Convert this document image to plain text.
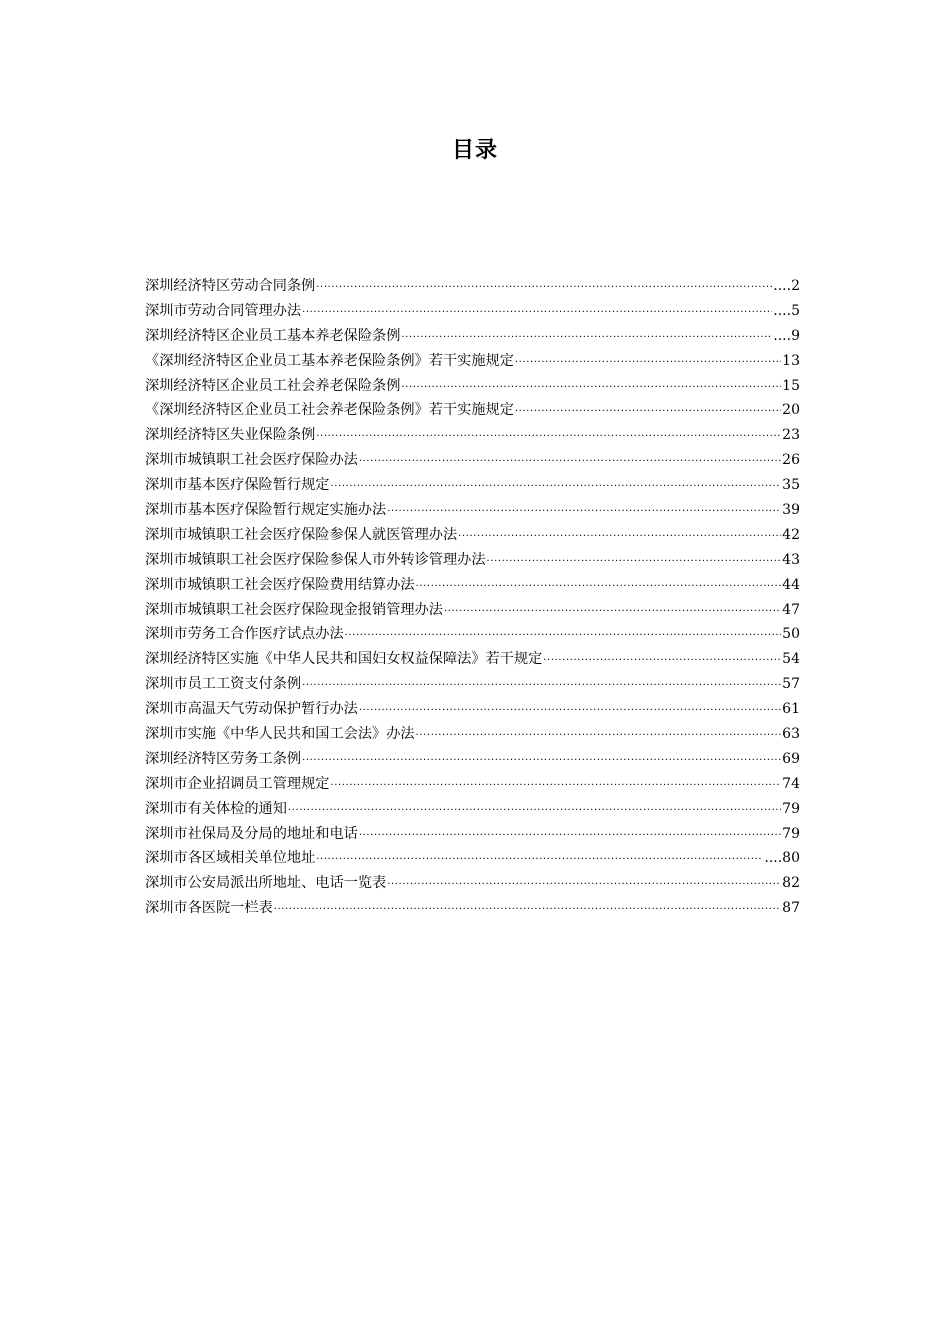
目录
深圳经济特区劳动合同条例 ·····	....2
深圳市劳动合同管理办法 ·····	....5
深圳经济特区企业员工基本养老保险条例 ·····	....9
《深圳经济特区企业员工基本养老保险条例》若干实施规定 ·····	13
深圳经济特区企业员工社会养老保险条例 ·····	15
《深圳经济特区企业员工社会养老保险条例》若干实施规定 ·····	20
深圳经济特区失业保险条例 ·····	23
深圳市城镇职工社会医疗保险办法 ·····	26
深圳市基本医疗保险暂行规定 ·····	35
深圳市基本医疗保险暂行规定实施办法 ·····	39
深圳市城镇职工社会医疗保险参保人就医管理办法 ·····	42
深圳市城镇职工社会医疗保险参保人市外转诊管理办法 ·····	43
深圳市城镇职工社会医疗保险费用结算办法 ·····	44
深圳市城镇职工社会医疗保险现金报销管理办法 ·····	47
深圳市劳务工合作医疗试点办法 ·····	50
深圳经济特区实施《中华人民共和国妇女权益保障法》若干规定 ·····	54
深圳市员工工资支付条例 ·····	57
深圳市高温天气劳动保护暂行办法 ·····	61
深圳市实施《中华人民共和国工会法》办法 ·····	63
深圳经济特区劳务工条例 ·····	69
深圳市企业招调员工管理规定 ·····	74
深圳市有关体检的通知 ·····	79
深圳市社保局及分局的地址和电话 ·····	79
深圳市各区域相关单位地址 ·····	....80
深圳市公安局派出所地址、电话一览表 ·····	82
深圳市各医院一栏表 ·····	87
